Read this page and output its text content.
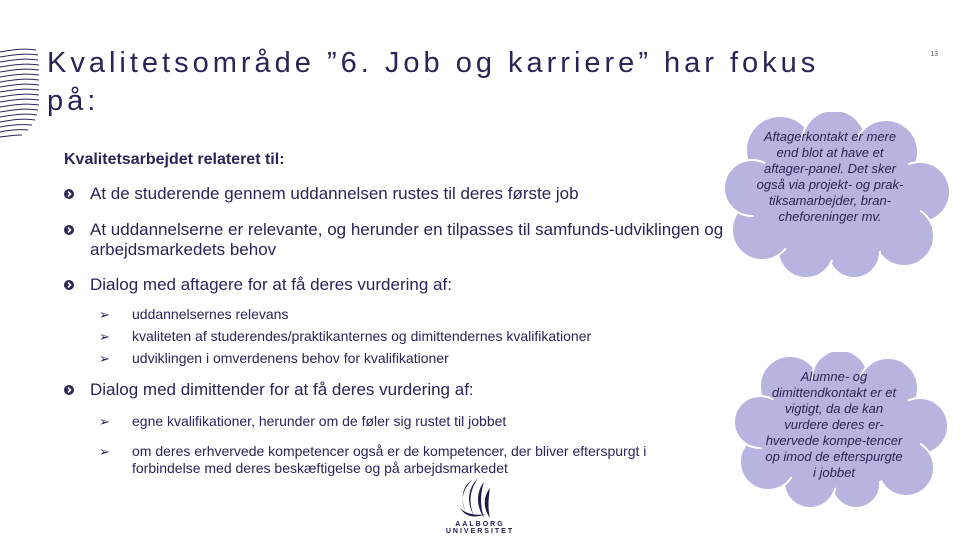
Kvalitetsområde ”6. Job og karriere” har fokus på:
13
Kvalitetsarbejdet relateret til:
At de studerende gennem uddannelsen rustes til deres første job
At uddannelserne er relevante, og herunder en tilpasses til samfunds-udviklingen og arbejdsmarkedets behov
Dialog med aftagere for at få deres vurdering af:
➢ uddannelsernes relevans
➢ kvaliteten af studerendes/praktikanternes og dimittendernes kvalifikationer
➢ udviklingen i omverdenens behov for kvalifikationer
Dialog med dimittender for at få deres vurdering af:
➢ egne kvalifikationer, herunder om de føler sig rustet til jobbet
➢ om deres erhvervede kompetencer også er de kompetencer, der bliver efterspurgt i forbindelse med deres beskæftigelse og på arbejdsmarkedet
Aftagerkontakt er mere end blot at have et aftager-panel. Det sker også via projekt- og prak-tiksamarbejder, bran-cheforeninger mv.
Alumne- og dimittendkontakt er et vigtigt, da de kan vurdere deres er-hvervede kompe-tencer op imod de efterspurgte i jobbet
AALBORG UNIVERSITET
